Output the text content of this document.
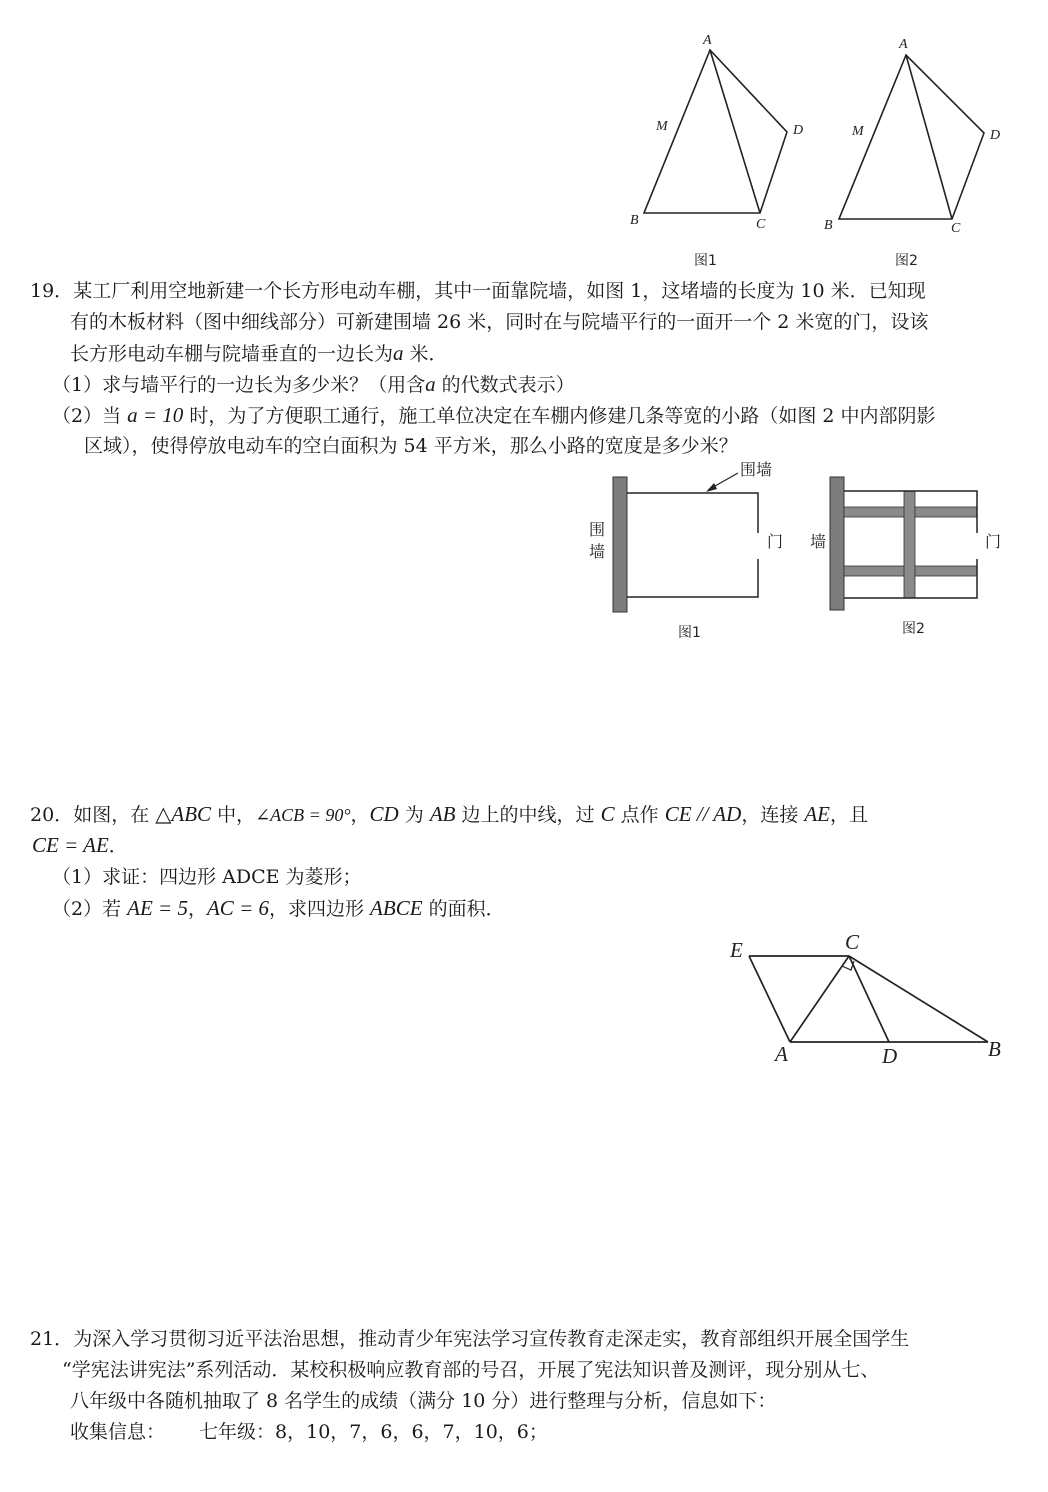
A
M	D
B	C
图1
A
M	D
B	C
图2
19．某工厂利用空地新建一个长方形电动车棚，其中一面靠院墙，如图 1，这堵墙的长度为 10 米．已知现
有的木板材料（图中细线部分）可新建围墙 26 米，同时在与院墙平行的一面开一个 2 米宽的门，设该
长方形电动车棚与院墙垂直的一边长为a 米．
（1）求与墙平行的一边长为多少米？（用含a 的代数式表示）
（2）当 a = 10 时，为了方便职工通行，施工单位决定在车棚内修建几条等宽的小路（如图 2 中内部阴影
区域），使得停放电动车的空白面积为 54 平方米，那么小路的宽度是多少米？
围墙
围
墙
门
图1
墙	门
图2
20．如图，在 △ABC 中，∠ACB = 90°，CD 为 AB 边上的中线，过 C 点作 CE // AD，连接 AE，且
CE = AE．
（1）求证：四边形 ADCE 为菱形；
（2）若 AE = 5，AC = 6，求四边形 ABCE 的面积．
E	C
A	D	B
21．为深入学习贯彻习近平法治思想，推动青少年宪法学习宣传教育走深走实，教育部组织开展全国学生
“学宪法讲宪法”系列活动．某校积极响应教育部的号召，开展了宪法知识普及测评，现分别从七、
八年级中各随机抽取了 8 名学生的成绩（满分 10 分）进行整理与分析，信息如下：
收集信息： 七年级：8，10，7，6，6，7，10，6；
